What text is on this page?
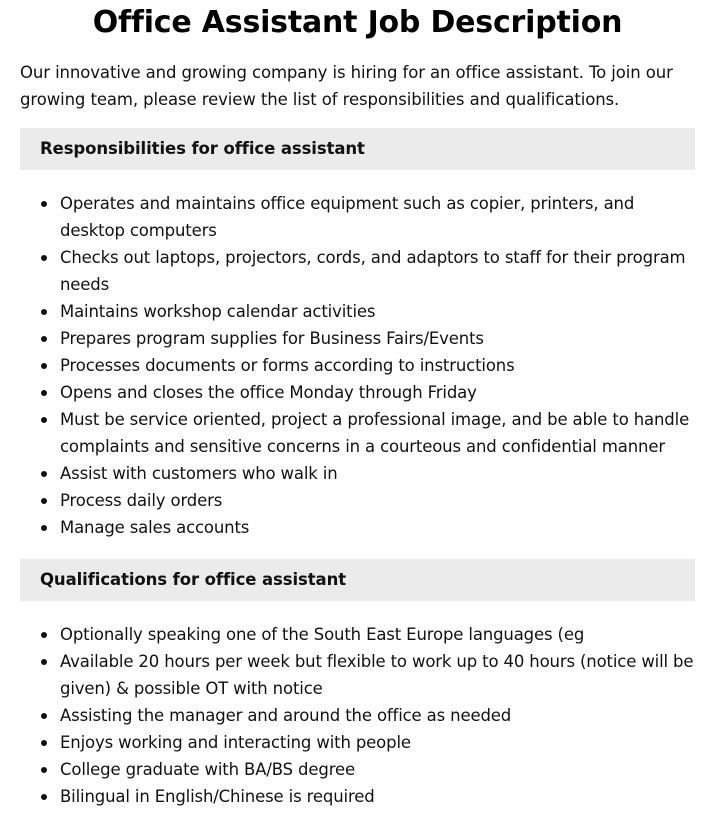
Office Assistant Job Description

Our innovative and growing company is hiring for an office assistant. To join our growing team, please review the list of responsibilities and qualifications.

Responsibilities for office assistant
Operates and maintains office equipment such as copier, printers, and desktop computers
Checks out laptops, projectors, cords, and adaptors to staff for their program needs
Maintains workshop calendar activities
Prepares program supplies for Business Fairs/Events
Processes documents or forms according to instructions
Opens and closes the office Monday through Friday
Must be service oriented, project a professional image, and be able to handle complaints and sensitive concerns in a courteous and confidential manner
Assist with customers who walk in
Process daily orders
Manage sales accounts
Qualifications for office assistant
Optionally speaking one of the South East Europe languages (eg
Available 20 hours per week but flexible to work up to 40 hours (notice will be given) & possible OT with notice
Assisting the manager and around the office as needed
Enjoys working and interacting with people
College graduate with BA/BS degree
Bilingual in English/Chinese is required
